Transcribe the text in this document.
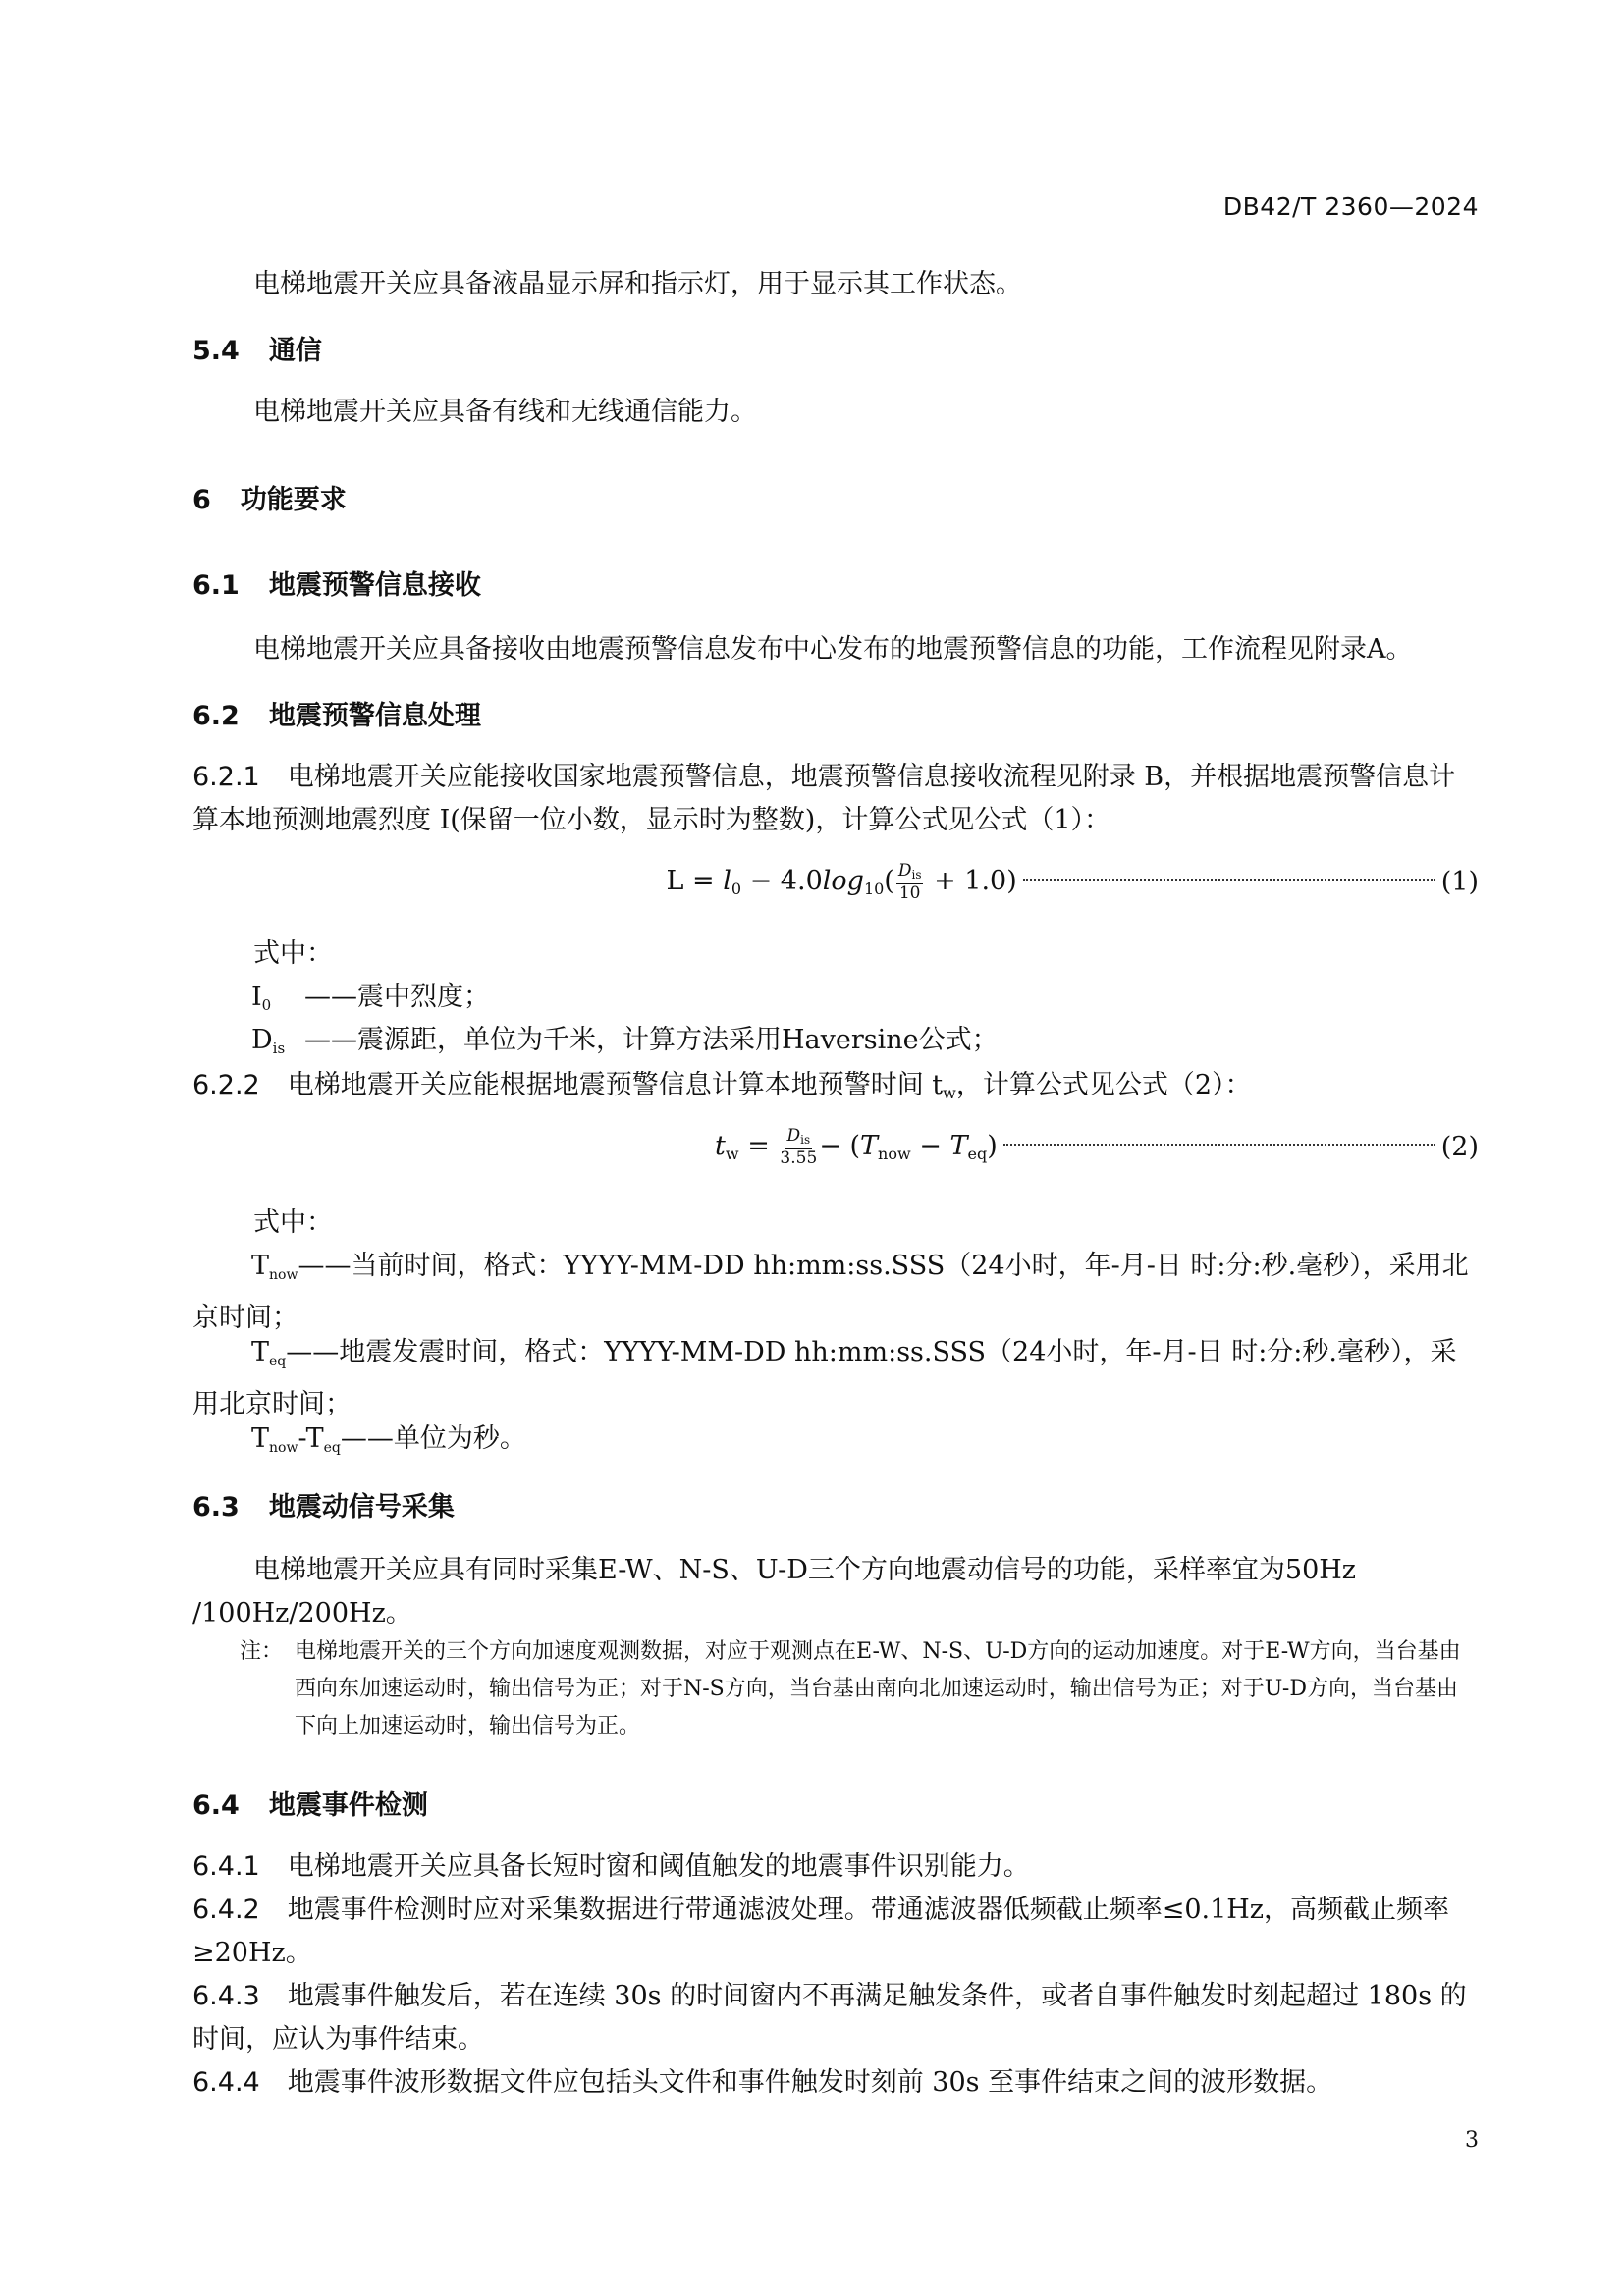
DB42/T 2360—2024

电梯地震开关应具备液晶显示屏和指示灯，用于显示其工作状态。

5.4 通信

电梯地震开关应具备有线和无线通信能力。

6 功能要求
6.1 地震预警信息接收

电梯地震开关应具备接收由地震预警信息发布中心发布的地震预警信息的功能，工作流程见附录A。

6.2 地震预警信息处理

6.2.1 电梯地震开关应能接收国家地震预警信息，地震预警信息接收流程见附录 B，并根据地震预警信息计算本地预测地震烈度 I(保留一位小数，显示时为整数)，计算公式见公式（1）：

$L = l_0 - 4.0\log_{10}( \frac{D_{is}}{10} + 1.0)$	(1)

式中：

$I_0$ ——震中烈度；
$D_{is}$ ——震源距，单位为千米，计算方法采用Haversine公式；

6.2.2 电梯地震开关应能根据地震预警信息计算本地预警时间 $t_w$，计算公式见公式（2）：

$t_w = \frac{D_{is}}{3.55} - (T_{now} - T_{eq})$	(2)

式中：

$T_{now}——$当前时间，格式：YYYY-MM-DD hh:mm:ss.SSS（24小时，年-月-日 时:分:秒.毫秒），采用北京时间；

$T_{eq}——$地震发震时间，格式：YYYY-MM-DD hh:mm:ss.SSS（24小时，年-月-日 时:分:秒.毫秒），采用北京时间；

$T_{now}-T_{eq}——$单位为秒。
6.3 地震动信号采集

电梯地震开关应具有同时采集E-W、N-S、U-D三个方向地震动信号的功能，采样率宜为50Hz /100Hz/200Hz。

注： 电梯地震开关的三个方向加速度观测数据，对应于观测点在E-W、N-S、U-D方向的运动加速度。对于E-W方向，当台基由西向东加速运动时，输出信号为正；对于N-S方向，当台基由南向北加速运动时，输出信号为正；对于U-D方向，当台基由下向上加速运动时，输出信号为正。
6.4 地震事件检测

6.4.1 电梯地震开关应具备长短时窗和阈值触发的地震事件识别能力。

6.4.2 地震事件检测时应对采集数据进行带通滤波处理。带通滤波器低频截止频率≤0.1Hz，高频截止频率≥20Hz。

6.4.3 地震事件触发后，若在连续 30s 的时间窗内不再满足触发条件，或者自事件触发时刻起超过 180s 的时间，应认为事件结束。

6.4.4 地震事件波形数据文件应包括头文件和事件触发时刻前 30s 至事件结束之间的波形数据。

3
